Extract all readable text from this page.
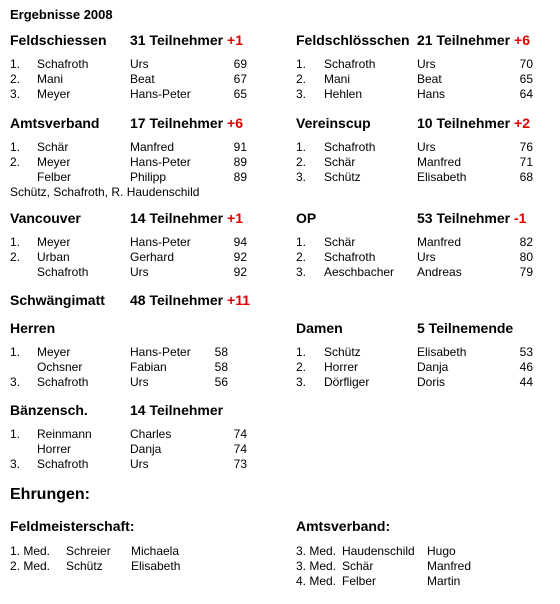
Ergebnisse 2008
Feldschiessen 31 Teilnehmer +1
1. Schafroth	Urs	69
2. Mani	Beat	67
3. Meyer	Hans-Peter	65
Feldschlösschen 21 Teilnehmer +6
1. Schafroth	Urs	70
2. Mani	Beat	65
3. Hehlen	Hans	64
Amtsverband 17 Teilnehmer +6
1. Schär	Manfred	91
2. Meyer	Hans-Peter	89
Felber	Philipp	89
Schütz, Schafroth, R. Haudenschild
Vereinscup	10 Teilnehmer +2
1. Schafroth	Urs	76
2. Schär	Manfred	71
3. Schütz	Elisabeth	68
Vancouver	14 Teilnehmer +1
1. Meyer	Hans-Peter	94
2. Urban	Gerhard	92
Schafroth	Urs	92
OP	53 Teilnehmer -1
1. Schär	Manfred	82
2. Schafroth	Urs	80
3. Aeschbacher Andreas	79
Schwängimatt 48 Teilnehmer +11
Herren
1. Meyer	Hans-Peter	58
Ochsner	Fabian	58
3. Schafroth	Urs	56
Damen	5 Teilnemende
1. Schütz	Elisabeth	53
2. Horrer	Danja	46
3. Dörfliger	Doris	44
Bänzensch.	14 Teilnehmer
1. Reinmann	Charles	74
Horrer	Danja	74
3. Schafroth	Urs	73
Ehrungen:
Feldmeisterschaft:
1. Med. Schreier Michaela
2. Med. Schütz Elisabeth
Amtsverband:
3. Med. Haudenschild Hugo
3. Med. Schär	Manfred
4. Med. Felber	Martin
